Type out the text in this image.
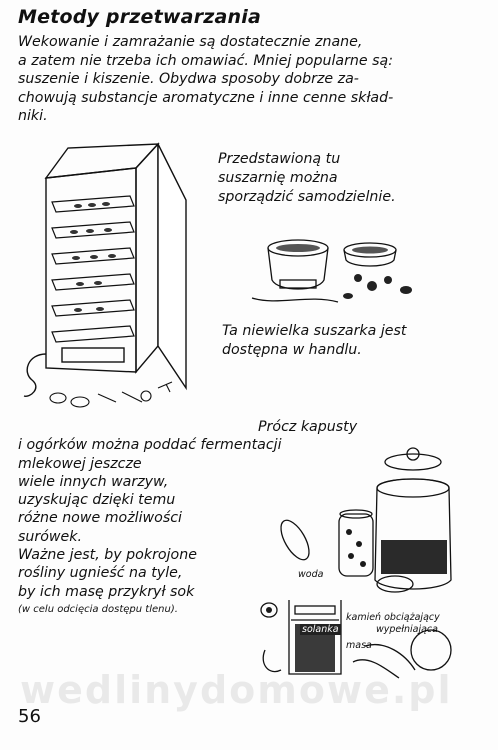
Metody przetwarzania
Wekowanie i zamrażanie są dostatecznie znane,
a zatem nie trzeba ich omawiać. Mniej popularne są:
suszenie i kiszenie. Obydwa sposoby dobrze za-
chowują substancje aromatyczne i inne cenne skład-
niki.
Przedstawioną tu
suszarnię można
sporządzić samodzielnie.
Ta niewielka suszarka jest
dostępna w handlu.
Prócz kapusty
i ogórków można poddać fermentacji
mlekowej jeszcze
wiele innych warzyw,
uzyskując dzięki temu
różne nowe możliwości
surówek.
Ważne jest, by pokrojone
rośliny ugnieść na tyle,
by ich masę przykrył sok
(w celu odcięcia dostępu tlenu).
woda
solanka
kamień obciążający
wypełniająca
masa
wedlinydomowe.pl
56
